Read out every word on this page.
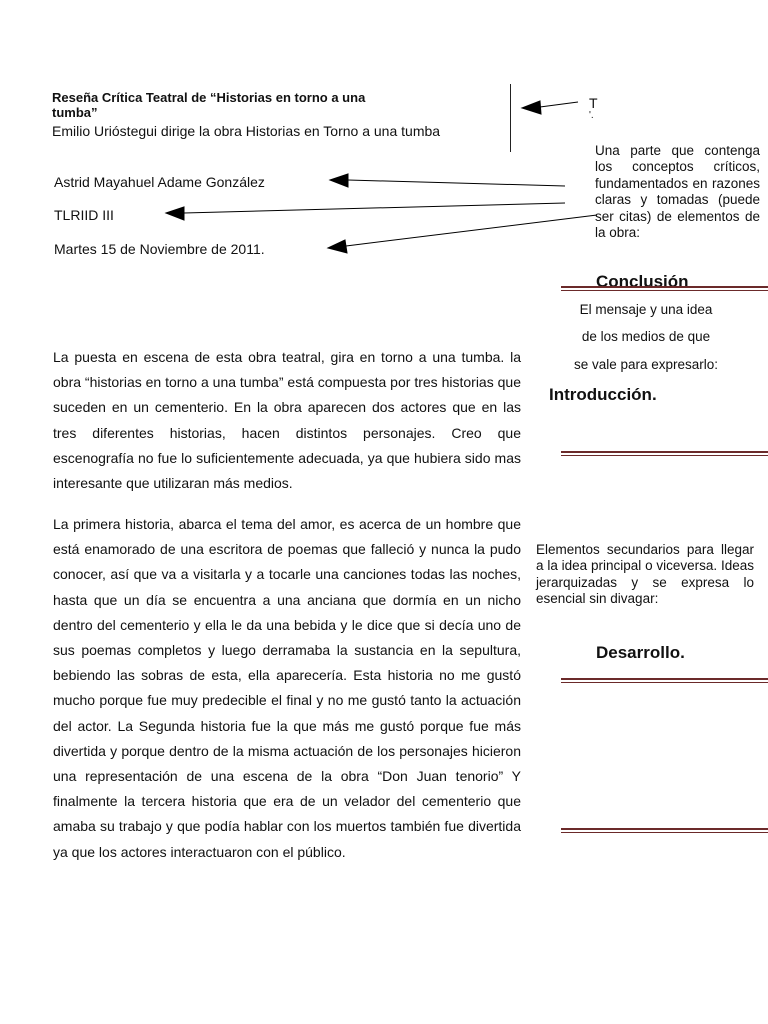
Reseña Crítica Teatral de “Historias en torno a una tumba”
Emilio Urióstegui dirige la obra Historias en Torno a una tumba
Astrid Mayahuel Adame González
TLRIID III
Martes 15 de Noviembre de 2011.
T
'.
Una parte que contenga los conceptos críticos, fundamentados en razones claras y tomadas (puede ser citas) de elementos de la obra:
Conclusión
El mensaje y una idea
de los medios de que
se vale para expresarlo:
Introducción.

La puesta en escena de esta obra teatral, gira en torno a una tumba. la obra “historias en torno a una tumba” está compuesta por tres historias que suceden en un cementerio. En la obra aparecen dos actores que en las tres diferentes historias, hacen distintos personajes. Creo que escenografía no fue lo suficientemente adecuada, ya que hubiera sido mas interesante que utilizaran más medios.

La primera historia, abarca el tema del amor, es acerca de un hombre que está enamorado de una escritora de poemas que falleció y nunca la pudo conocer, así que va a visitarla y a tocarle una canciones todas las noches, hasta que un día se encuentra a una anciana que dormía en un nicho dentro del cementerio y ella le da una bebida y le dice que si decía uno de sus poemas completos y luego derramaba la sustancia en la sepultura, bebiendo las sobras de esta, ella aparecería. Esta historia no me gustó mucho porque fue muy predecible el final y no me gustó tanto la actuación del actor. La Segunda historia fue la que más me gustó porque fue más divertida y porque dentro de la misma actuación de los personajes hicieron una representación de una escena de la obra “Don Juan tenorio” Y finalmente la tercera historia que era de un velador del cementerio que amaba su trabajo y que podía hablar con los muertos también fue divertida ya que los actores interactuaron con el público.

Elementos secundarios para llegar a la idea principal o viceversa. Ideas jerarquizadas y se expresa lo esencial sin divagar:
Desarrollo.
